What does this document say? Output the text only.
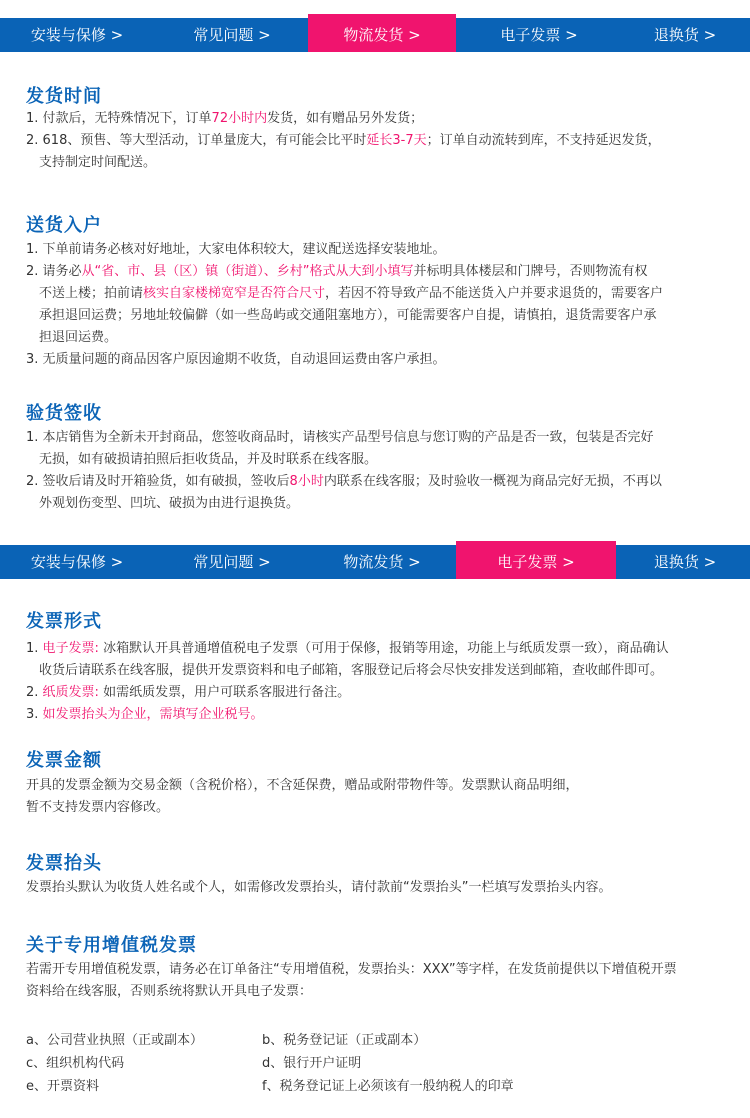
安装与保修 >	常见问题 >	物流发货 >	电子发票 >	退换货 >
发货时间

1. 付款后，无特殊情况下，订单72小时内发货，如有赠品另外发货；

2. 618、预售、等大型活动，订单量庞大，有可能会比平时延长3-7天；订单自动流转到库，不支持延迟发货，

支持制定时间配送。

送货入户

1. 下单前请务必核对好地址，大家电体积较大，建议配送选择安装地址。

2. 请务必从“省、市、县（区）镇（街道）、乡村”格式从大到小填写并标明具体楼层和门牌号，否则物流有权

不送上楼；拍前请核实自家楼梯宽窄是否符合尺寸，若因不符导致产品不能送货入户并要求退货的，需要客户

承担退回运费；另地址较偏僻（如一些岛屿或交通阻塞地方），可能需要客户自提，请慎拍，退货需要客户承

担退回运费。

3. 无质量问题的商品因客户原因逾期不收货，自动退回运费由客户承担。

验货签收

1. 本店销售为全新未开封商品，您签收商品时，请核实产品型号信息与您订购的产品是否一致，包装是否完好

无损，如有破损请拍照后拒收货品，并及时联系在线客服。

2. 签收后请及时开箱验货，如有破损，签收后8小时内联系在线客服；及时验收一概视为商品完好无损，不再以

外观划伤变型、凹坑、破损为由进行退换货。

安装与保修 >	常见问题 >	物流发货 >	电子发票 >	退换货 >
发票形式

1. 电子发票: 冰箱默认开具普通增值税电子发票（可用于保修，报销等用途，功能上与纸质发票一致），商品确认

收货后请联系在线客服，提供开发票资料和电子邮箱，客服登记后将会尽快安排发送到邮箱，查收邮件即可。

2. 纸质发票: 如需纸质发票，用户可联系客服进行备注。

3. 如发票抬头为企业，需填写企业税号。

发票金额

开具的发票金额为交易金额（含税价格），不含延保费，赠品或附带物件等。发票默认商品明细，

暂不支持发票内容修改。

发票抬头

发票抬头默认为收货人姓名或个人，如需修改发票抬头，请付款前“发票抬头”一栏填写发票抬头内容。

关于专用增值税发票

若需开专用增值税发票，请务必在订单备注“专用增值税，发票抬头：XXX”等字样，在发货前提供以下增值税开票

资料给在线客服，否则系统将默认开具电子发票：

a、公司营业执照（正或副本）	b、税务登记证（正或副本）
c、组织机构代码	d、银行开户证明
e、开票资料	f、税务登记证上必须该有一般纳税人的印章
